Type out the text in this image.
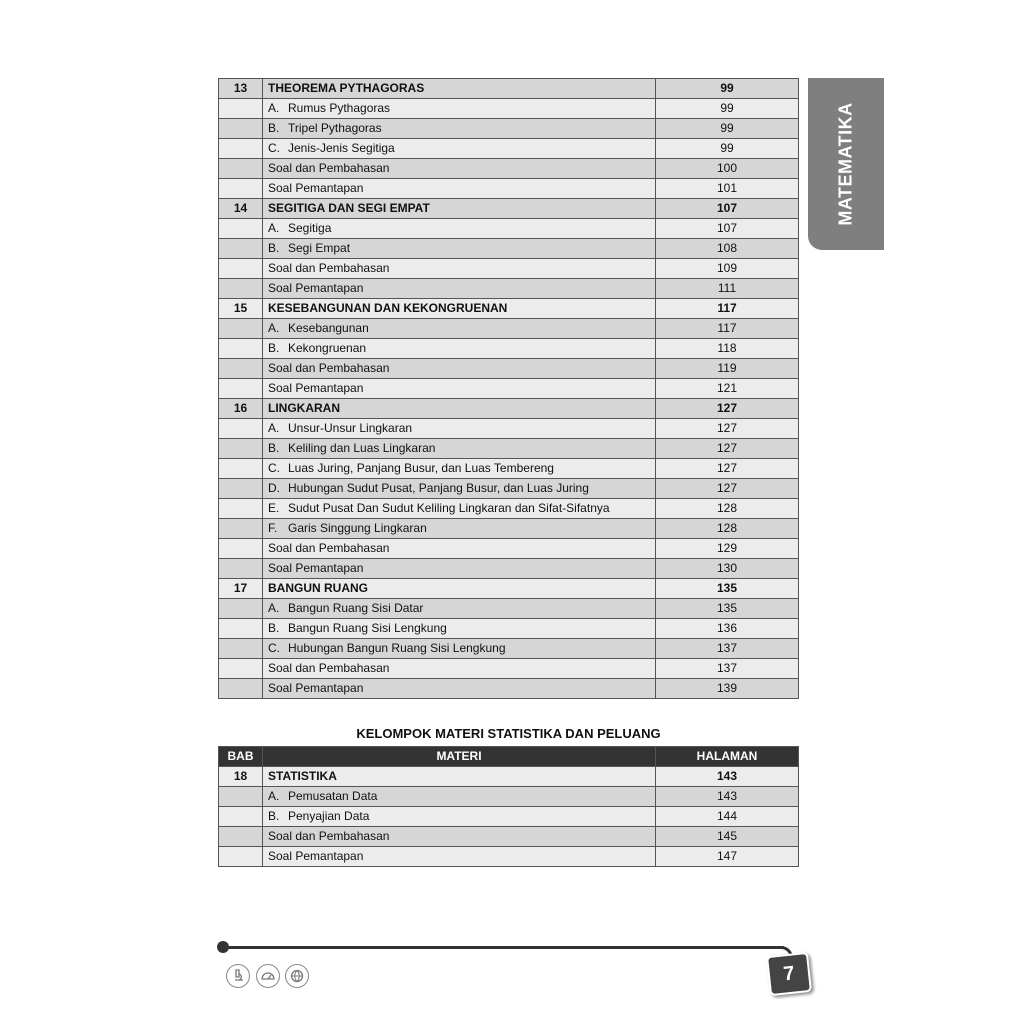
13	THEOREMA PYTHAGORAS	99
	A. Rumus Pythagoras	99
	B. Tripel Pythagoras	99
	C. Jenis-Jenis Segitiga	99
	Soal dan Pembahasan	100
	Soal Pemantapan	101
14	SEGITIGA DAN SEGI EMPAT	107
	A. Segitiga	107
	B. Segi Empat	108
	Soal dan Pembahasan	109
	Soal Pemantapan	111
15	KESEBANGUNAN DAN KEKONGRUENAN	117
	A. Kesebangunan	117
	B. Kekongruenan	118
	Soal dan Pembahasan	119
	Soal Pemantapan	121
16	LINGKARAN	127
	A. Unsur-Unsur Lingkaran	127
	B. Keliling dan Luas Lingkaran	127
	C. Luas Juring, Panjang Busur, dan Luas Tembereng	127
	D. Hubungan Sudut Pusat, Panjang Busur, dan Luas Juring	127
	E. Sudut Pusat Dan Sudut Keliling Lingkaran dan Sifat-Sifatnya	128
	F. Garis Singgung Lingkaran	128
	Soal dan Pembahasan	129
	Soal Pemantapan	130
17	BANGUN RUANG	135
	A. Bangun Ruang Sisi Datar	135
	B. Bangun Ruang Sisi Lengkung	136
	C. Hubungan Bangun Ruang Sisi Lengkung	137
	Soal dan Pembahasan	137
	Soal Pemantapan	139
KELOMPOK MATERI STATISTIKA DAN PELUANG
BAB	MATERI	HALAMAN
18	STATISTIKA	143
	A. Pemusatan Data	143
	B. Penyajian Data	144
	Soal dan Pembahasan	145
	Soal Pemantapan	147
MATEMATIKA
7
